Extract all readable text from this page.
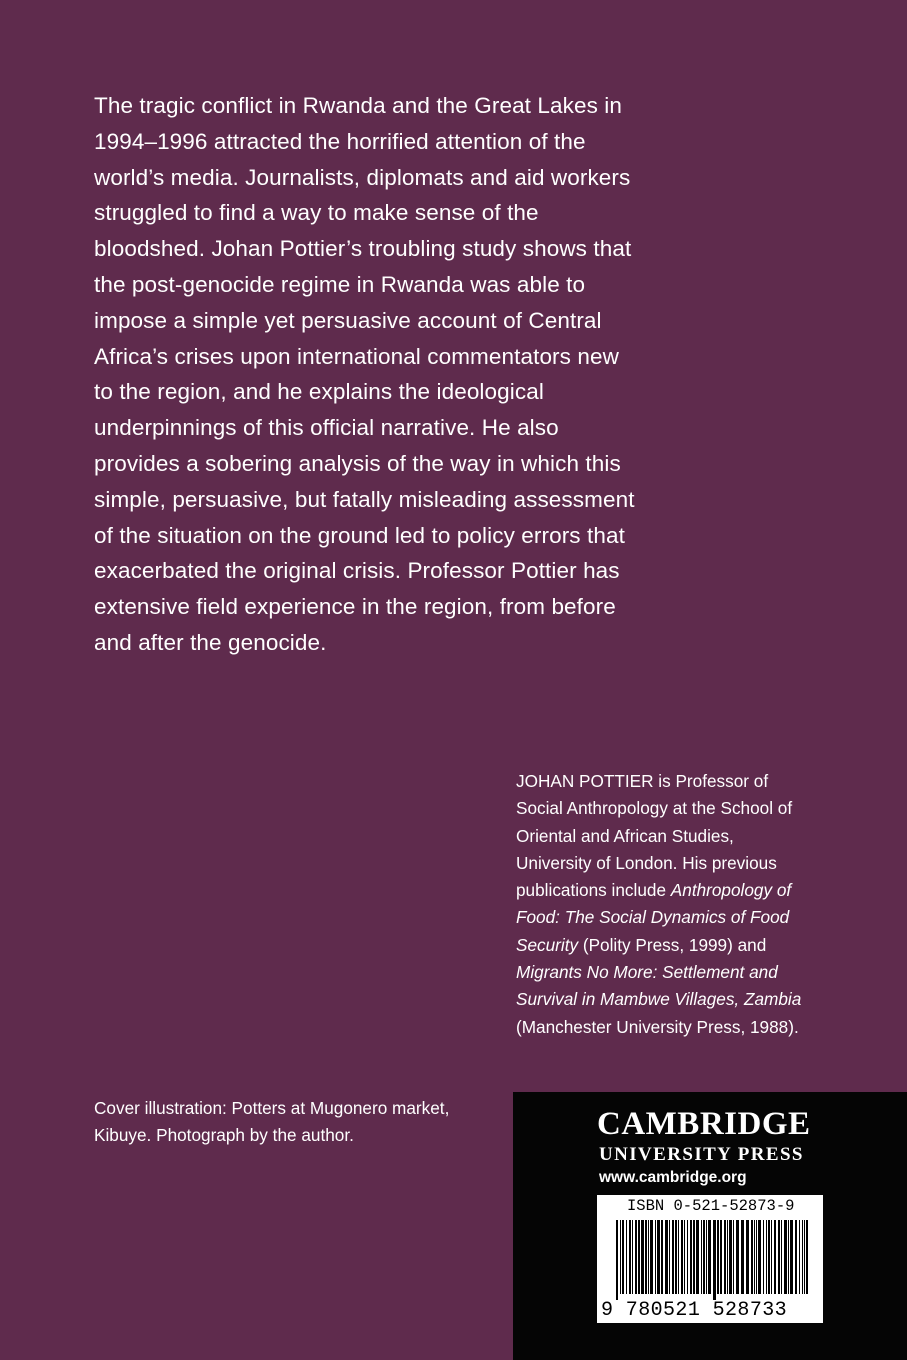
The tragic conflict in Rwanda and the Great Lakes in
1994–1996 attracted the horrified attention of the
world’s media. Journalists, diplomats and aid workers
struggled to find a way to make sense of the
bloodshed. Johan Pottier’s troubling study shows that
the post-genocide regime in Rwanda was able to
impose a simple yet persuasive account of Central
Africa’s crises upon international commentators new
to the region, and he explains the ideological
underpinnings of this official narrative. He also
provides a sobering analysis of the way in which this
simple, persuasive, but fatally misleading assessment
of the situation on the ground led to policy errors that
exacerbated the original crisis. Professor Pottier has
extensive field experience in the region, from before
and after the genocide.
JOHAN POTTIER is Professor of
Social Anthropology at the School of
Oriental and African Studies,
University of London. His previous
publications include Anthropology of
Food: The Social Dynamics of Food
Security (Polity Press, 1999) and
Migrants No More: Settlement and
Survival in Mambwe Villages, Zambia
(Manchester University Press, 1988).
Cover illustration: Potters at Mugonero market,
Kibuye. Photograph by the author.	CAMBRIDGE
UNIVERSITY PRESS
www.cambridge.org
ISBN 0-521-52873-9
9 780521 528733
